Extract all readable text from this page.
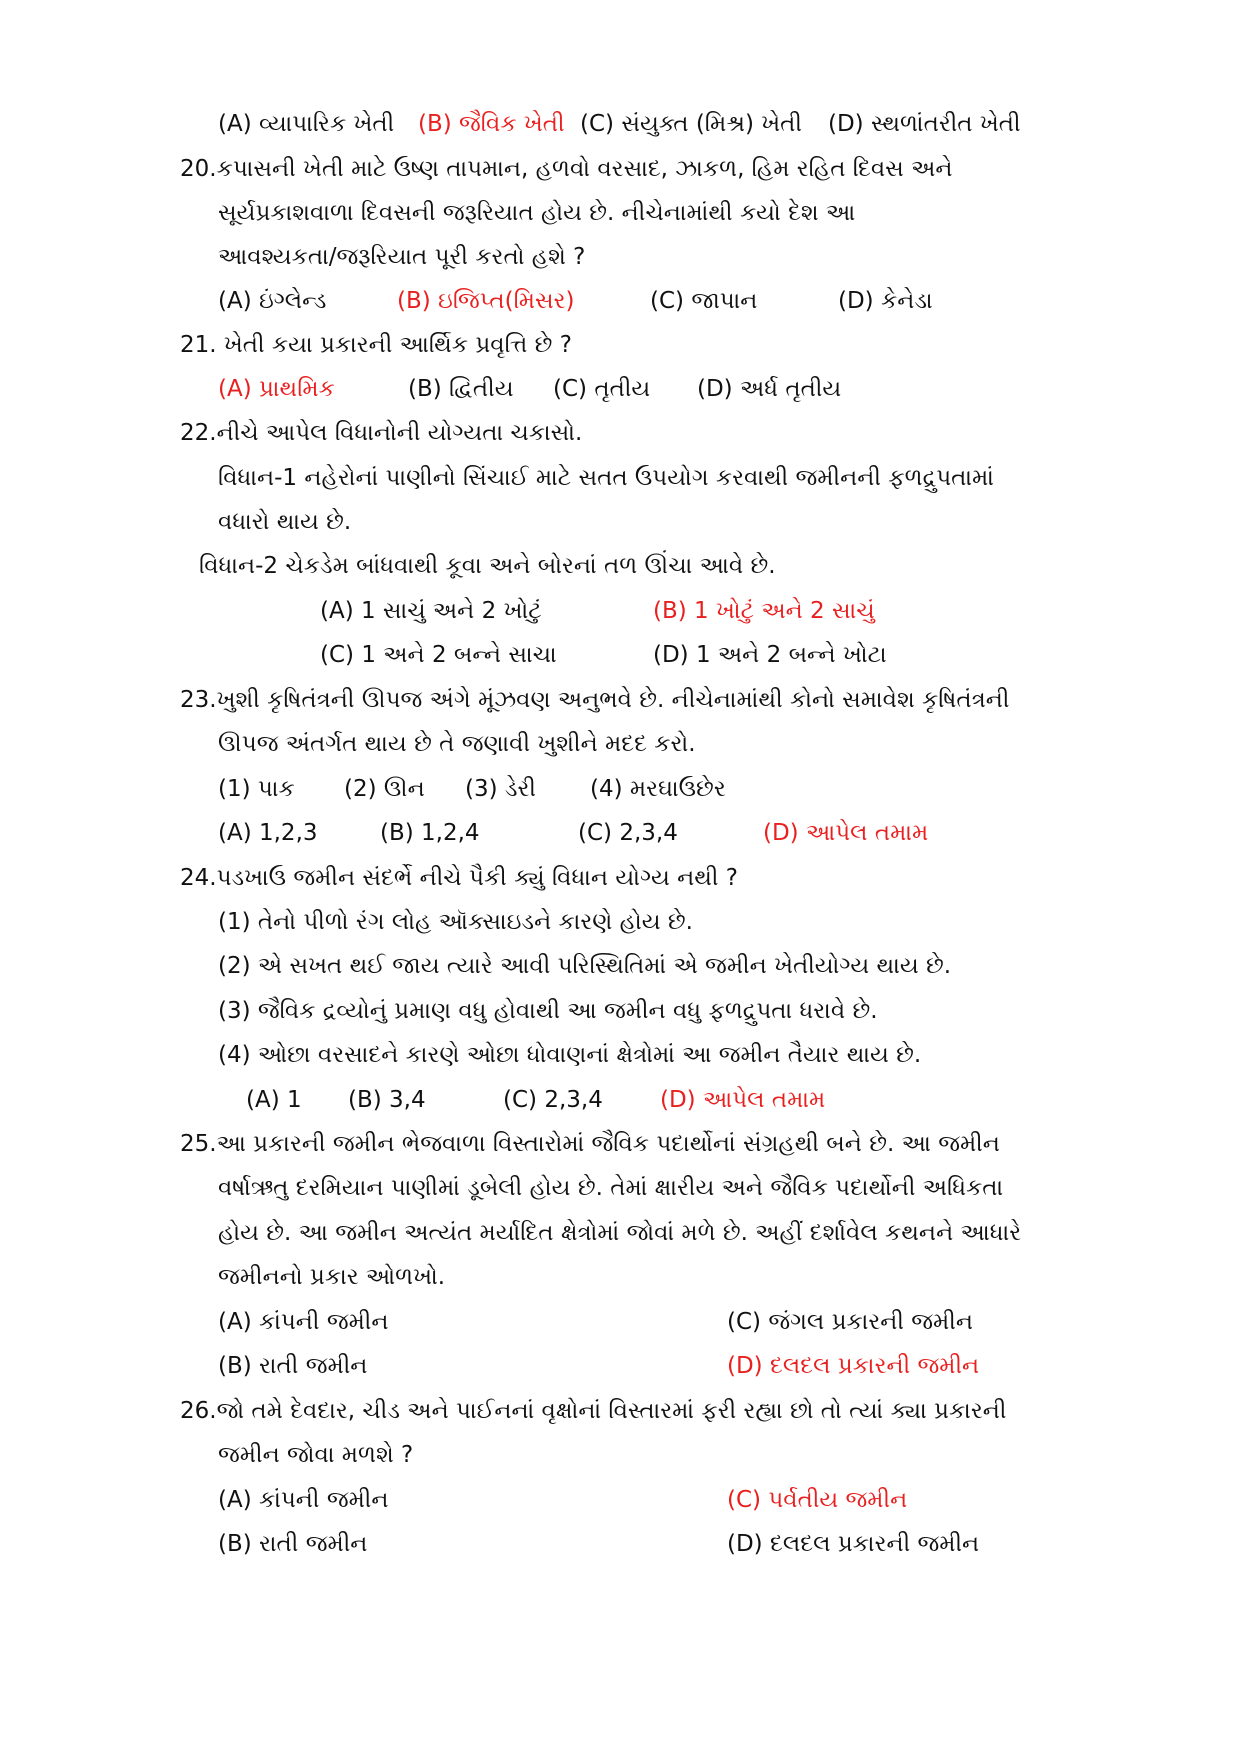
(A) વ્યાપારિક ખેતી (B) જૈવિક ખેતી (C) સંયુક્ત (મિશ્ર) ખેતી (D) સ્થળાંતરીત ખેતી
20.કપાસની ખેતી માટે ઉષ્ણ તાપમાન, હળવો વરસાદ, ઝાકળ, હિમ રહિત દિવસ અને
સૂર્યપ્રકાશવાળા દિવસની જરૂરિયાત હોય છે. નીચેનામાંથી કયો દેશ આ
આવશ્યકતા/જરૂરિયાત પૂરી કરતો હશે ?
(A) ઇંગ્લેન્ડ	(B) ઇજિપ્ત(મિસર)	(C) જાપાન	(D) કેનેડા
21. ખેતી કયા પ્રકારની આર્થિક પ્રવૃત્તિ છે ?
(A) પ્રાથમિક	(B) દ્વિતીય (C) તૃતીય (D) અર્ધ તૃતીય
22.નીચે આપેલ વિધાનોની યોગ્યતા ચકાસો.
વિધાન-1 નહેરોનાં પાણીનો સિંચાઈ માટે સતત ઉપયોગ કરવાથી જમીનની ફળદ્રુપતામાં
વધારો થાય છે.
વિધાન-2 ચેકડેમ બાંધવાથી કૂવા અને બોરનાં તળ ઊંચા આવે છે.
(A) 1 સાચું અને 2 ખોટું	(B) 1 ખોટું અને 2 સાચું
(C) 1 અને 2 બન્ને સાચા	(D) 1 અને 2 બન્ને ખોટા
23.ખુશી કૃષિતંત્રની ઊપજ અંગે મૂંઝવણ અનુભવે છે. નીચેનામાંથી કોનો સમાવેશ કૃષિતંત્રની
ઊપજ અંતર્ગત થાય છે તે જણાવી ખુશીને મદદ કરો.
(1) પાક (2) ઊન (3) ડેરી (4) મરઘાઉછેર
(A) 1,2,3	(B) 1,2,4	(C) 2,3,4	(D) આપેલ તમામ
24.પડખાઉ જમીન સંદર્ભે નીચે પૈકી ક્યું વિધાન યોગ્ય નથી ?
(1) તેનો પીળો રંગ લોહ ઑક્સાઇડને કારણે હોય છે.
(2) એ સખત થઈ જાય ત્યારે આવી પરિસ્થિતિમાં એ જમીન ખેતીયોગ્ય થાય છે.
(3) જૈવિક દ્રવ્યોનું પ્રમાણ વધુ હોવાથી આ જમીન વધુ ફળદ્રુપતા ધરાવે છે.
(4) ઓછા વરસાદને કારણે ઓછા ધોવાણનાં ક્ષેત્રોમાં આ જમીન તૈયાર થાય છે.
(A) 1 (B) 3,4	(C) 2,3,4 (D) આપેલ તમામ
25.આ પ્રકારની જમીન ભેજવાળા વિસ્તારોમાં જૈવિક પદાર્થોનાં સંગ્રહથી બને છે. આ જમીન
વર્ષાઋતુ દરમિયાન પાણીમાં ડૂબેલી હોય છે. તેમાં ક્ષારીય અને જૈવિક પદાર્થોની અધિકતા
હોય છે. આ જમીન અત્યંત મર્યાદિત ક્ષેત્રોમાં જોવાં મળે છે. અહીં દર્શાવેલ કથનને આધારે
જમીનનો પ્રકાર ઓળખો.
(A) કાંપની જમીન	(C) જંગલ પ્રકારની જમીન
(B) રાતી જમીન	(D) દલદલ પ્રકારની જમીન
26.જો તમે દેવદાર, ચીડ અને પાઈનનાં વૃક્ષોનાં વિસ્તારમાં ફરી રહ્યા છો તો ત્યાં ક્યા પ્રકારની
જમીન જોવા મળશે ?
(A) કાંપની જમીન	(C) પર્વતીય જમીન
(B) રાતી જમીન	(D) દલદલ પ્રકારની જમીન
